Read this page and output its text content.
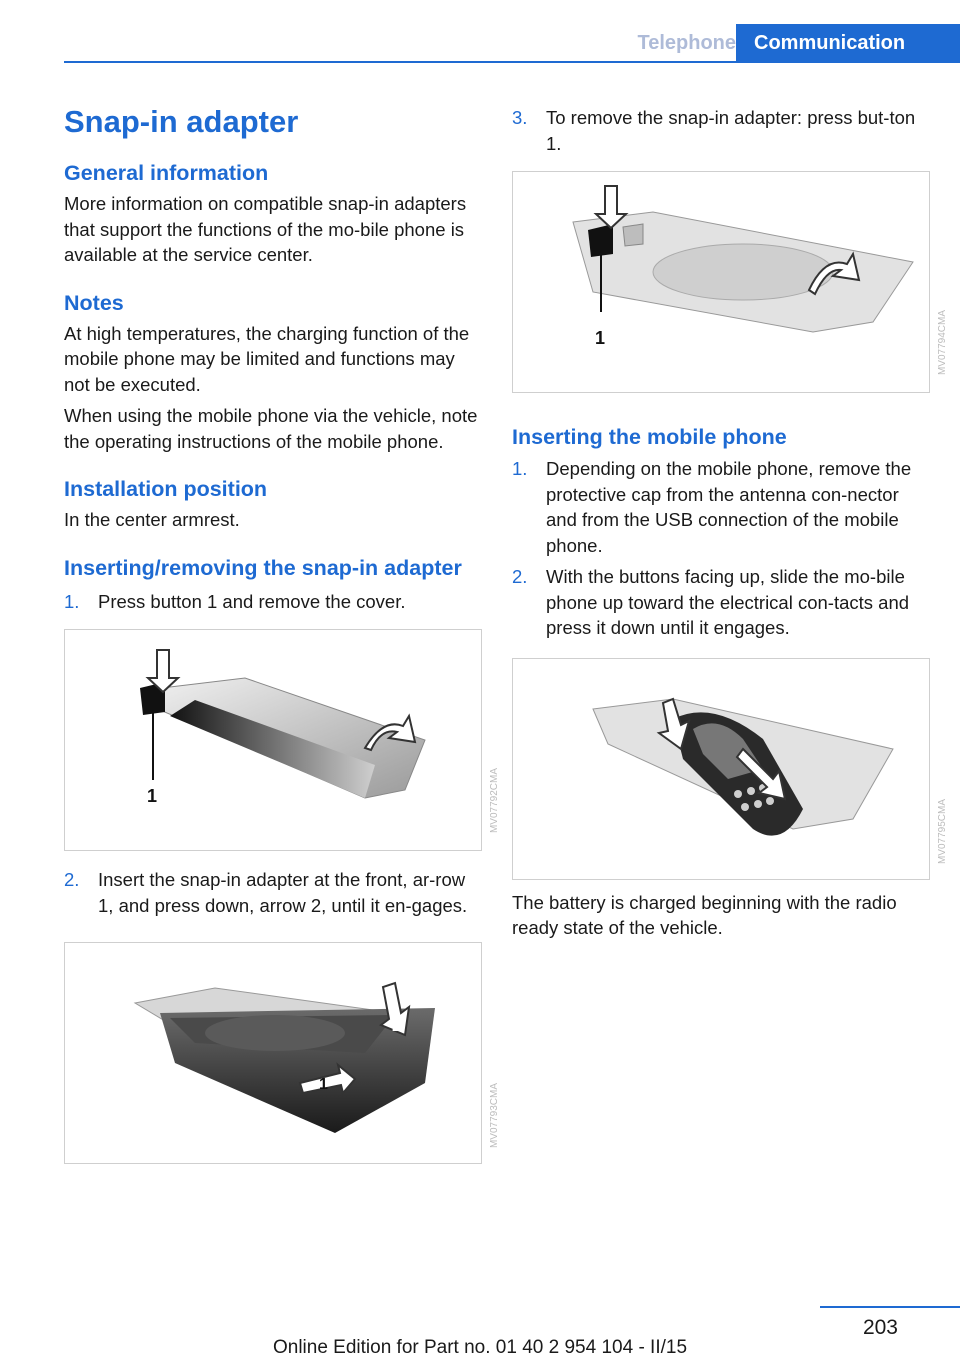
Telephone Communication
Snap-in adapter
General information

More information on compatible snap-in adapters that support the functions of the mo‐bile phone is available at the service center.

Notes

At high temperatures, the charging function of the mobile phone may be limited and functions may not be executed.

When using the mobile phone via the vehicle, note the operating instructions of the mobile phone.

Installation position

In the center armrest.

Inserting/removing the snap-in adapter
1. Press button 1 and remove the cover.
1	MV07792CMA
2. Insert the snap-in adapter at the front, ar‐row 1, and press down, arrow 2, until it en‐gages.
2
1	MV07793CMA
3. To remove the snap-in adapter: press but‐ton 1.
1	MV07794CMA
Inserting the mobile phone
1. Depending on the mobile phone, remove the protective cap from the antenna con‐nector and from the USB connection of the mobile phone.
2. With the buttons facing up, slide the mo‐bile phone up toward the electrical con‐tacts and press it down until it engages.
MV07795CMA

The battery is charged beginning with the radio ready state of the vehicle.

203
Online Edition for Part no. 01 40 2 954 104 - II/15
